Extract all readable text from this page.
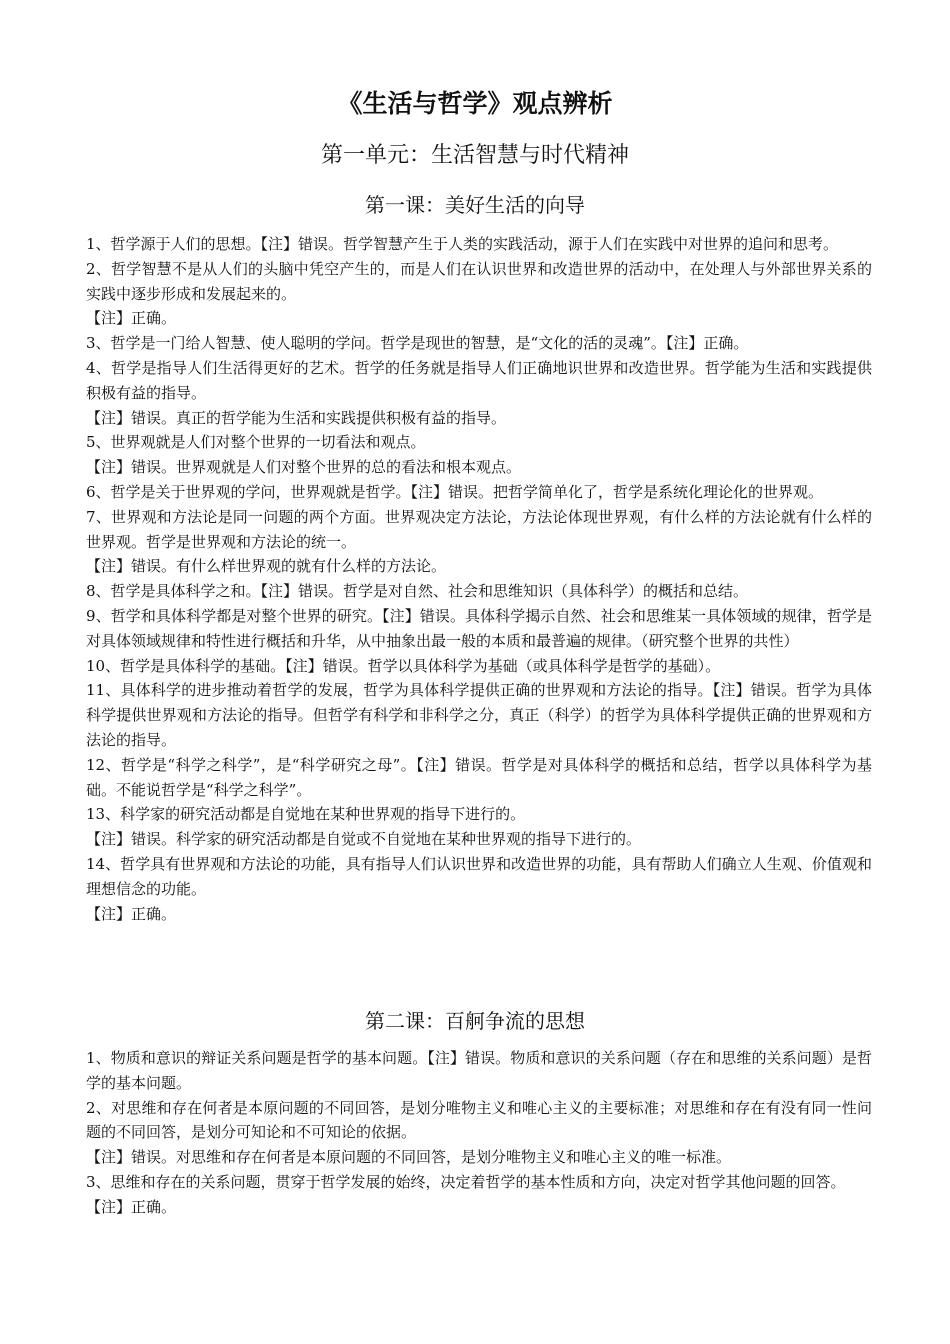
《生活与哲学》观点辨析
第一单元：生活智慧与时代精神
第一课：美好生活的向导

1、哲学源于人们的思想。【注】错误。哲学智慧产生于人类的实践活动，源于人们在实践中对世界的追问和思考。

2、哲学智慧不是从人们的头脑中凭空产生的，而是人们在认识世界和改造世界的活动中，在处理人与外部世界关系的实践中逐步形成和发展起来的。

【注】正确。

3、哲学是一门给人智慧、使人聪明的学问。哲学是现世的智慧，是“文化的活的灵魂”。【注】正确。

4、哲学是指导人们生活得更好的艺术。哲学的任务就是指导人们正确地识世界和改造世界。哲学能为生活和实践提供积极有益的指导。

【注】错误。真正的哲学能为生活和实践提供积极有益的指导。

5、世界观就是人们对整个世界的一切看法和观点。

【注】错误。世界观就是人们对整个世界的总的看法和根本观点。

6、哲学是关于世界观的学问，世界观就是哲学。【注】错误。把哲学简单化了，哲学是系统化理论化的世界观。

7、世界观和方法论是同一问题的两个方面。世界观决定方法论，方法论体现世界观，有什么样的方法论就有什么样的世界观。哲学是世界观和方法论的统一。

【注】错误。有什么样世界观的就有什么样的方法论。

8、哲学是具体科学之和。【注】错误。哲学是对自然、社会和思维知识（具体科学）的概括和总结。

9、哲学和具体科学都是对整个世界的研究。【注】错误。具体科学揭示自然、社会和思维某一具体领域的规律，哲学是对具体领域规律和特性进行概括和升华，从中抽象出最一般的本质和最普遍的规律。（研究整个世界的共性）

10、哲学是具体科学的基础。【注】错误。哲学以具体科学为基础（或具体科学是哲学的基础）。

11、具体科学的进步推动着哲学的发展，哲学为具体科学提供正确的世界观和方法论的指导。【注】错误。哲学为具体科学提供世界观和方法论的指导。但哲学有科学和非科学之分，真正（科学）的哲学为具体科学提供正确的世界观和方法论的指导。

12、哲学是“科学之科学”，是“科学研究之母”。【注】错误。哲学是对具体科学的概括和总结，哲学以具体科学为基础。不能说哲学是“科学之科学”。

13、科学家的研究活动都是自觉地在某种世界观的指导下进行的。

【注】错误。科学家的研究活动都是自觉或不自觉地在某种世界观的指导下进行的。

14、哲学具有世界观和方法论的功能，具有指导人们认识世界和改造世界的功能，具有帮助人们确立人生观、价值观和理想信念的功能。

【注】正确。

第二课：百舸争流的思想

1、物质和意识的辩证关系问题是哲学的基本问题。【注】错误。物质和意识的关系问题（存在和思维的关系问题）是哲学的基本问题。

2、对思维和存在何者是本原问题的不同回答，是划分唯物主义和唯心主义的主要标准；对思维和存在有没有同一性问题的不同回答，是划分可知论和不可知论的依据。

【注】错误。对思维和存在何者是本原问题的不同回答，是划分唯物主义和唯心主义的唯一标准。

3、思维和存在的关系问题，贯穿于哲学发展的始终，决定着哲学的基本性质和方向，决定对哲学其他问题的回答。

【注】正确。
